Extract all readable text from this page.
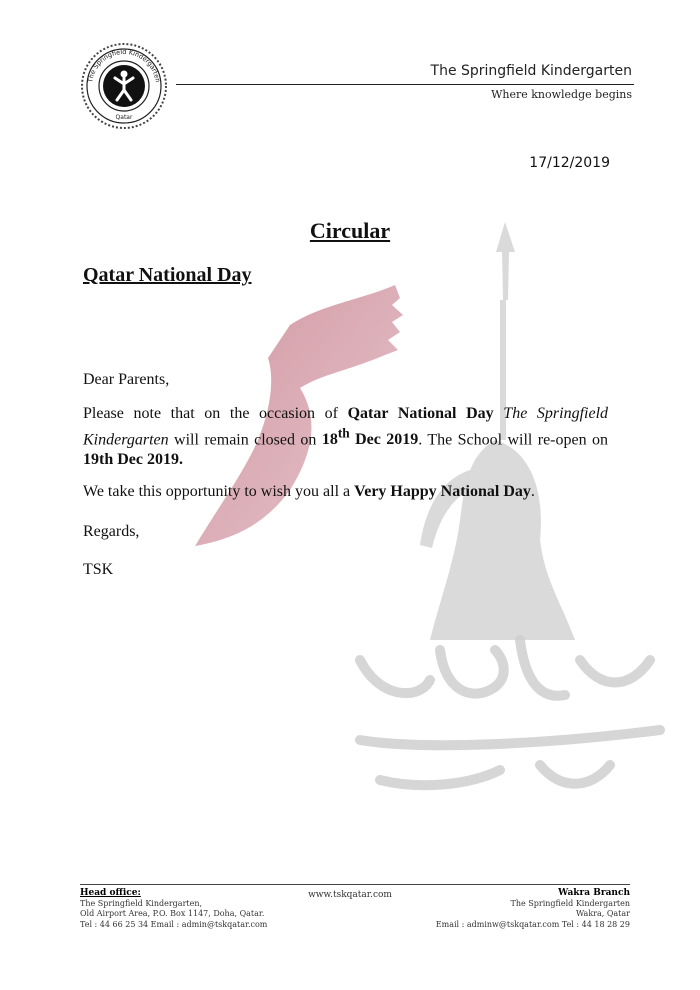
The Springfield Kindergarten
Qatar
The Springfield Kindergarten
Where knowledge begins
17/12/2019
Circular
Qatar National Day
Dear Parents,
Please note that on the occasion of Qatar National Day The Springfield Kindergarten will remain closed on 18th Dec 2019. The School will re-open on 19th Dec 2019.
We take this opportunity to wish you all a Very Happy National Day.
Regards,
TSK
Head office:
The Springfield Kindergarten,
Old Airport Area, P.O. Box 1147, Doha, Qatar.
Tel : 44 66 25 34 Email : admin@tskqatar.com
www.tskqatar.com	Wakra Branch
The Springfield Kindergarten
Wakra, Qatar
Email : adminw@tskqatar.com Tel : 44 18 28 29
